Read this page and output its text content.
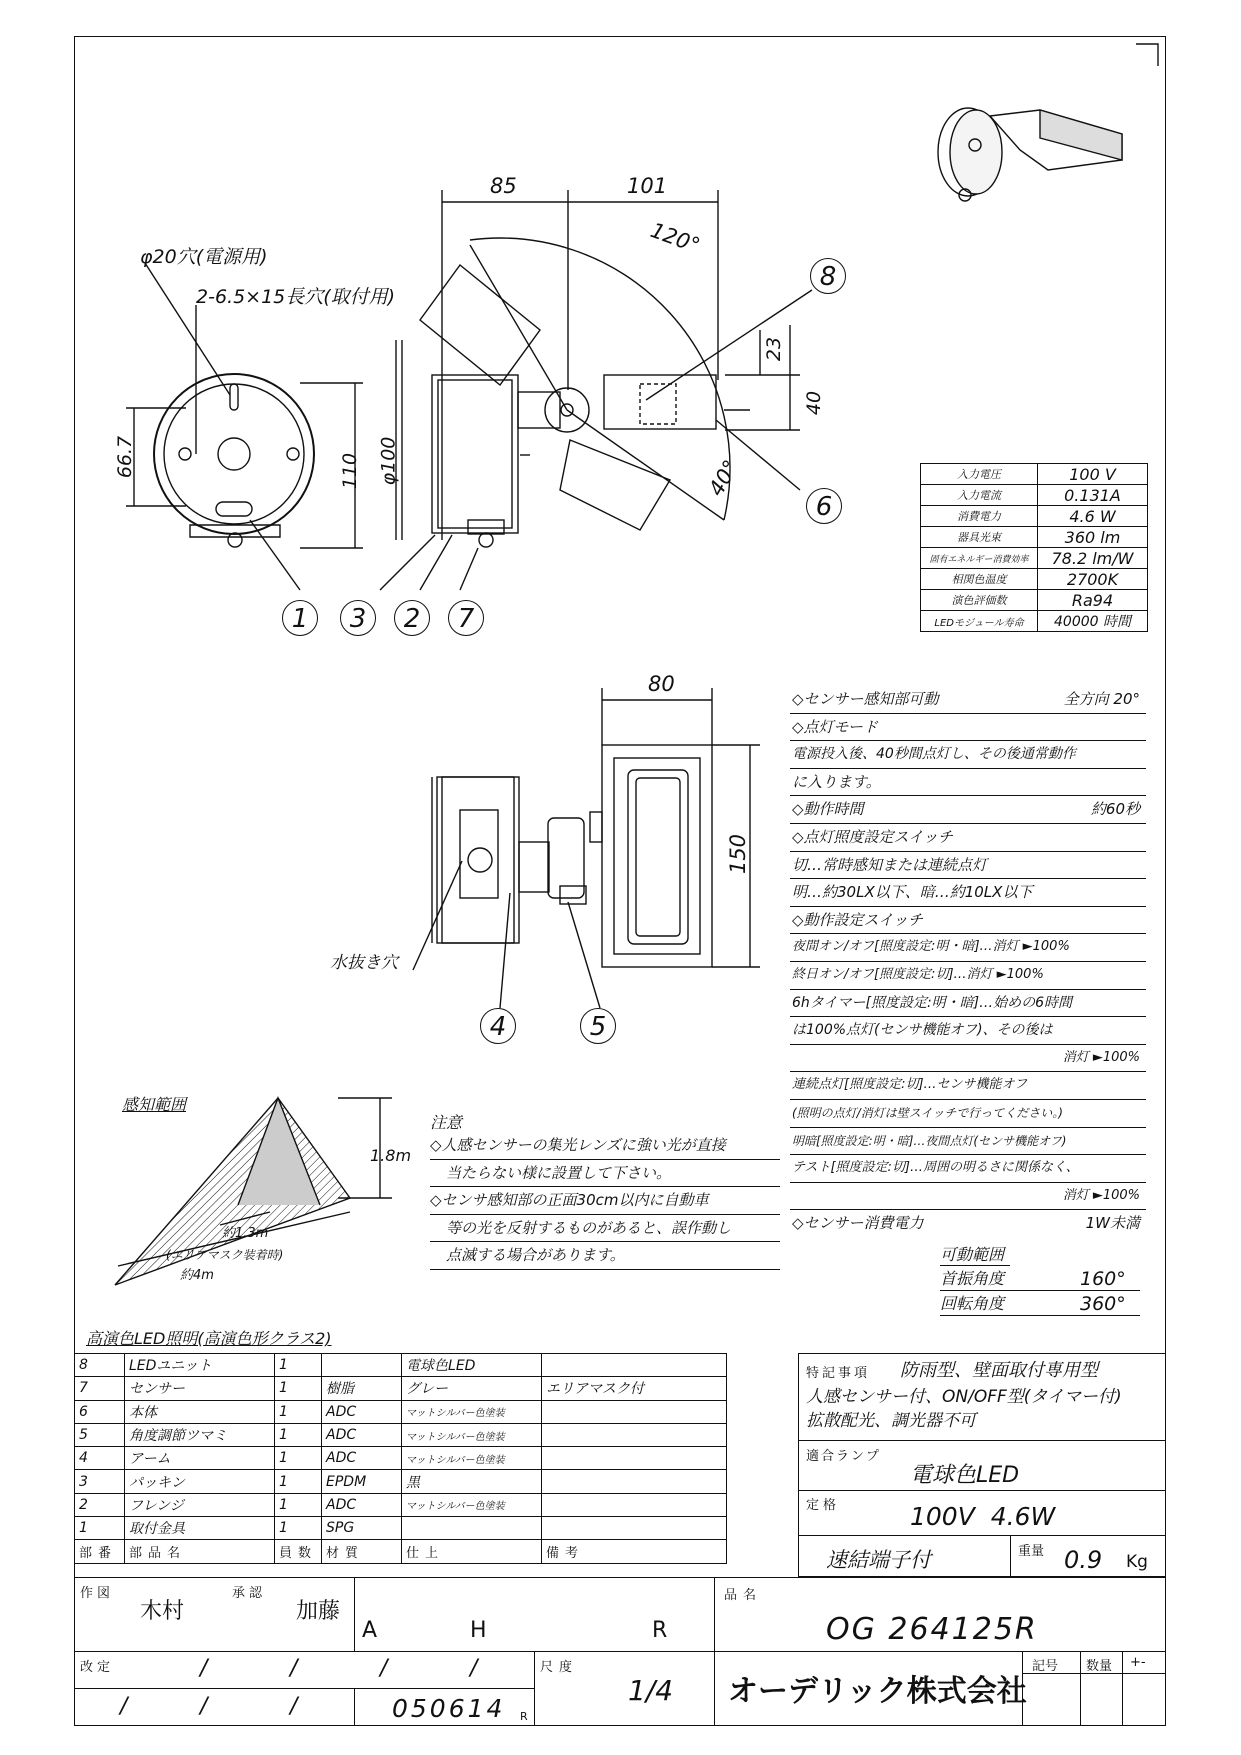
φ20穴(電源用)
2-6.5×15長穴(取付用)
85	101
120°
40°
23
40
66.7	φ100
110
80
150
水抜き穴
1	3	2	7
8
6
4	5
入力電圧	100 V
入力電流	0.131A
消費電力	4.6 W
器具光束	360 lm
固有エネルギー消費効率	78.2 lm/W
相関色温度	2700K
演色評価数	Ra94
LEDモジュール寿命	40000 時間
◇センサー感知部可動	全方向 20°
◇点灯モード
電源投入後、40秒間点灯し、その後通常動作
に入ります。
◇動作時間	約60秒
◇点灯照度設定スイッチ
切…常時感知または連続点灯
明…約30LX以下、暗…約10LX以下
◇動作設定スイッチ
夜間オン/オフ[照度設定:明・暗]…消灯 ►100%
終日オン/オフ[照度設定:切]…消灯 ►100%
6hタイマー[照度設定:明・暗]…始めの6時間
は100%点灯(センサ機能オフ)、その後は
消灯 ►100%
連続点灯[照度設定:切]…センサ機能オフ
(照明の点灯/消灯は壁スイッチで行ってください。)
明暗[照度設定:明・暗]…夜間点灯(センサ機能オフ)
テスト[照度設定:切]…周囲の明るさに関係なく、
消灯 ►100%
◇センサー消費電力	1W未満
感知範囲
1.8m
約1.3m
(エリアマスク装着時)
約4m
注意
◇人感センサーの集光レンズに強い光が直接
当たらない様に設置して下さい。
◇センサ感知部の正面30cm以内に自動車
等の光を反射するものがあると、誤作動し
点滅する場合があります。	可動範囲
首振角度	160°
回転角度	360°
高演色LED照明(高演色形クラス2)
8	LEDユニット	1		電球色LED	
7	センサー	1	樹脂	グレー	エリアマスク付
6	本体	1	ADC	マットシルバー色塗装	
5	角度調節ツマミ	1	ADC	マットシルバー色塗装	
4	アーム	1	ADC	マットシルバー色塗装	
3	パッキン	1	EPDM	黒	
2	フレンジ	1	ADC	マットシルバー色塗装	
1	取付金具	1	SPG		
部番	部品名	員数	材質	仕上	備考
特記事項 防雨型、壁面取付専用型
人感センサー付、ON/OFF型(タイマー付)
拡散配光、調光器不可
適合ランプ
電球色LED
定格	100V  4.6W
速結端子付	重量 0.9 Kg
作図
木村
承認
加藤
A	H	R
品名
OG 264125R
改定	/	/	/	/
/	/	/	050614 R
尺度
1/4 オーデリック株式会社
記号 数量 +-
